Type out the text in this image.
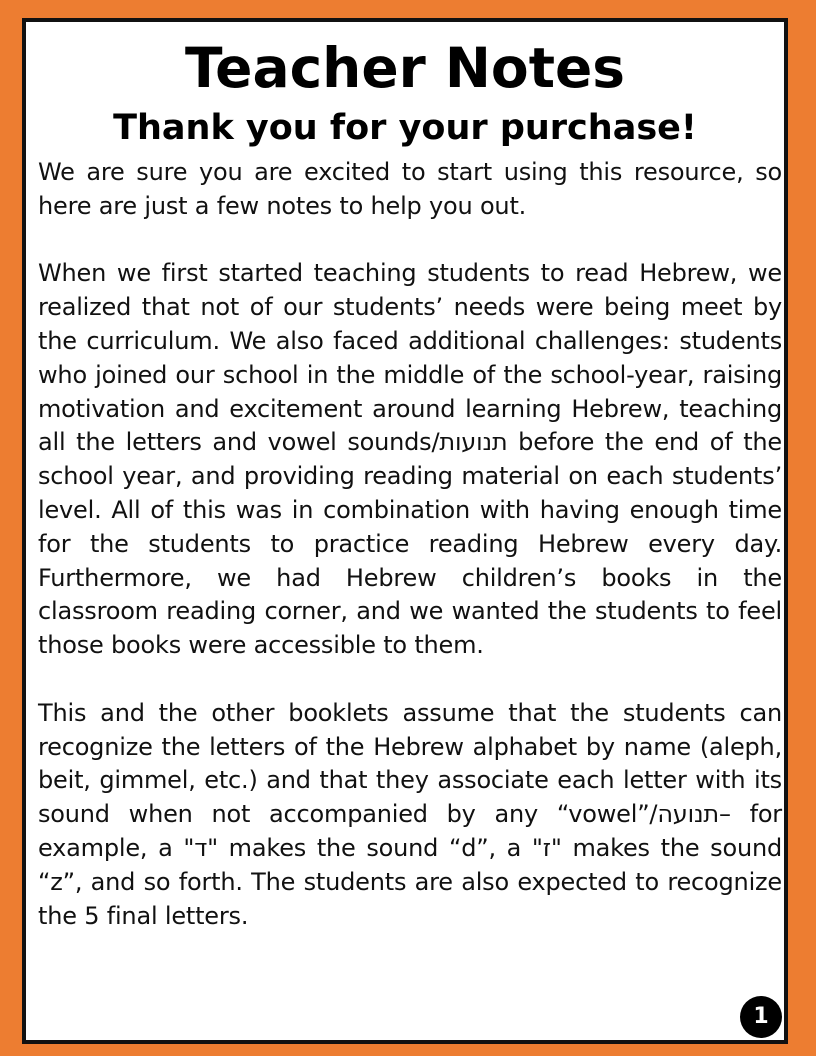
Teacher Notes
Thank you for your purchase!

We are sure you are excited to start using this resource, so here are just a few notes to help you out.

When we first started teaching students to read Hebrew, we realized that not of our students’ needs were being meet by the curriculum. We also faced additional challenges: students who joined our school in the middle of the school-year, raising motivation and excitement around learning Hebrew, teaching all the letters and vowel sounds/תנועות before the end of the school year, and providing reading material on each students’ level. All of this was in combination with having enough time for the students to practice reading Hebrew every day. Furthermore, we had Hebrew children’s books in the classroom reading corner, and we wanted the students to feel those books were accessible to them.

This and the other booklets assume that the students can recognize the letters of the Hebrew alphabet by name (aleph, beit, gimmel, etc.) and that they associate each letter with its sound when not accompanied by any “vowel”/תנועה– for example, a "ד" makes the sound “d”, a "ז" makes the sound “z”, and so forth. The students are also expected to recognize the 5 final letters.

1
